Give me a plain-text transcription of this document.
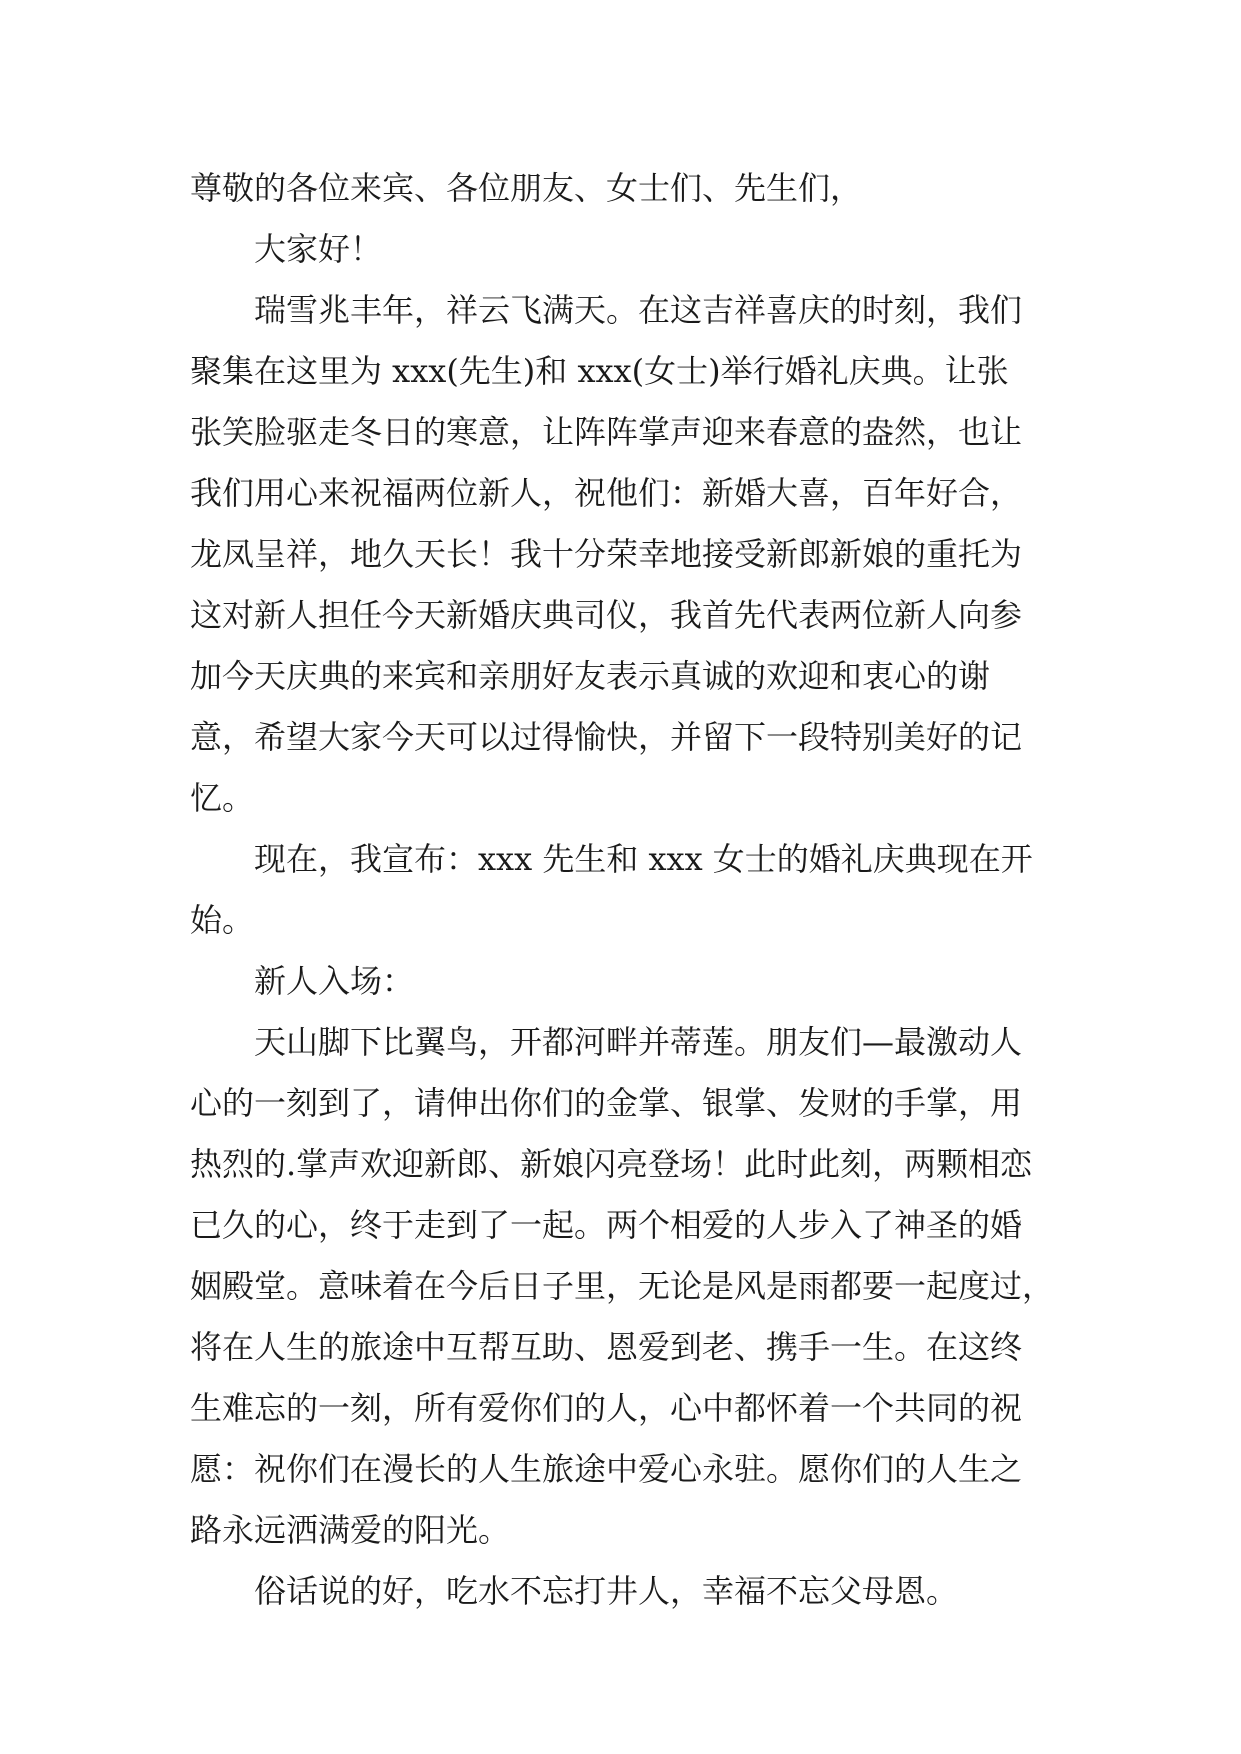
尊敬的各位来宾、各位朋友、女士们、先生们，
大家好！
瑞雪兆丰年，祥云飞满天。在这吉祥喜庆的时刻，我们
聚集在这里为 xxx(先生)和 xxx(女士)举行婚礼庆典。让张
张笑脸驱走冬日的寒意，让阵阵掌声迎来春意的盎然，也让
我们用心来祝福两位新人，祝他们：新婚大喜，百年好合，
龙凤呈祥，地久天长！我十分荣幸地接受新郎新娘的重托为
这对新人担任今天新婚庆典司仪，我首先代表两位新人向参
加今天庆典的来宾和亲朋好友表示真诚的欢迎和衷心的谢
意，希望大家今天可以过得愉快，并留下一段特别美好的记
忆。
现在，我宣布：xxx 先生和 xxx 女士的婚礼庆典现在开
始。
新人入场：
天山脚下比翼鸟，开都河畔并蒂莲。朋友们—最激动人
心的一刻到了，请伸出你们的金掌、银掌、发财的手掌，用
热烈的.掌声欢迎新郎、新娘闪亮登场！此时此刻，两颗相恋
已久的心，终于走到了一起。两个相爱的人步入了神圣的婚
姻殿堂。意味着在今后日子里，无论是风是雨都要一起度过，
将在人生的旅途中互帮互助、恩爱到老、携手一生。在这终
生难忘的一刻，所有爱你们的人，心中都怀着一个共同的祝
愿：祝你们在漫长的人生旅途中爱心永驻。愿你们的人生之
路永远洒满爱的阳光。
俗话说的好，吃水不忘打井人，幸福不忘父母恩。
